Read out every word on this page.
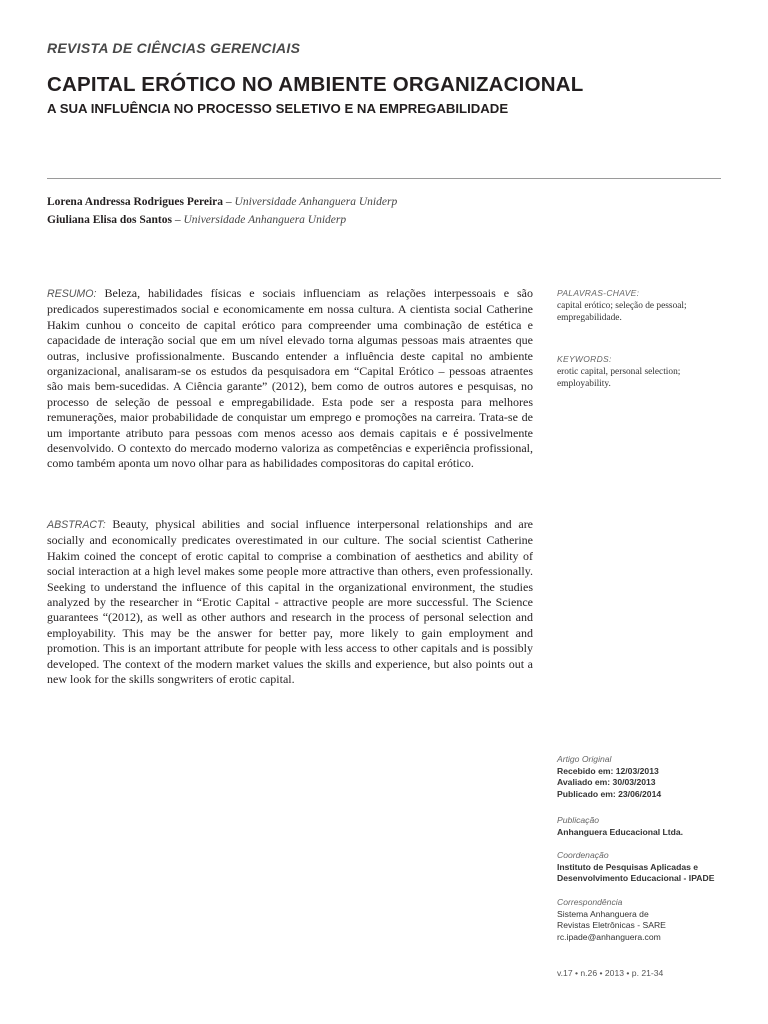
REVISTA DE CIÊNCIAS GERENCIAIS
CAPITAL ERÓTICO NO AMBIENTE ORGANIZACIONAL
A SUA INFLUÊNCIA NO PROCESSO SELETIVO E NA EMPREGABILIDADE
Lorena Andressa Rodrigues Pereira – Universidade Anhanguera Uniderp
Giuliana Elisa dos Santos – Universidade Anhanguera Uniderp
RESUMO: Beleza, habilidades físicas e sociais influenciam as relações interpessoais e são predicados superestimados social e economicamente em nossa cultura. A cientista social Catherine Hakim cunhou o conceito de capital erótico para compreender uma combinação de estética e capacidade de interação social que em um nível elevado torna algumas pessoas mais atraentes que outras, inclusive profissionalmente. Buscando entender a influência deste capital no ambiente organizacional, analisaram-se os estudos da pesquisadora em “Capital Erótico – pessoas atraentes são mais bem-sucedidas. A Ciência garante” (2012), bem como de outros autores e pesquisas, no processo de seleção de pessoal e empregabilidade. Esta pode ser a resposta para melhores remunerações, maior probabilidade de conquistar um emprego e promoções na carreira. Trata-se de um importante atributo para pessoas com menos acesso aos demais capitais e é possivelmente desenvolvido. O contexto do mercado moderno valoriza as competências e experiência profissional, como também aponta um novo olhar para as habilidades compositoras do capital erótico.
ABSTRACT: Beauty, physical abilities and social influence interpersonal relationships and are socially and economically predicates overestimated in our culture. The social scientist Catherine Hakim coined the concept of erotic capital to comprise a combination of aesthetics and ability of social interaction at a high level makes some people more attractive than others, even professionally. Seeking to understand the influence of this capital in the organizational environment, the studies analyzed by the researcher in “Erotic Capital - attractive people are more successful. The Science guarantees “(2012), as well as other authors and research in the process of personal selection and employability. This may be the answer for better pay, more likely to gain employment and promotion. This is an important attribute for people with less access to other capitals and is possibly developed. The context of the modern market values the skills and experience, but also points out a new look for the skills songwriters of erotic capital.
PALAVRAS-CHAVE:
capital erótico; seleção de pessoal; empregabilidade.
KEYWORDS:
erotic capital, personal selection; employability.
Artigo Original
Recebido em: 12/03/2013
Avaliado em: 30/03/2013
Publicado em: 23/06/2014
Publicação
Anhanguera Educacional Ltda.
Coordenação
Instituto de Pesquisas Aplicadas e
Desenvolvimento Educacional - IPADE
Correspondência
Sistema Anhanguera de
Revistas Eletrônicas - SARE
rc.ipade@anhanguera.com
v.17 • n.26 • 2013 • p. 21-34
